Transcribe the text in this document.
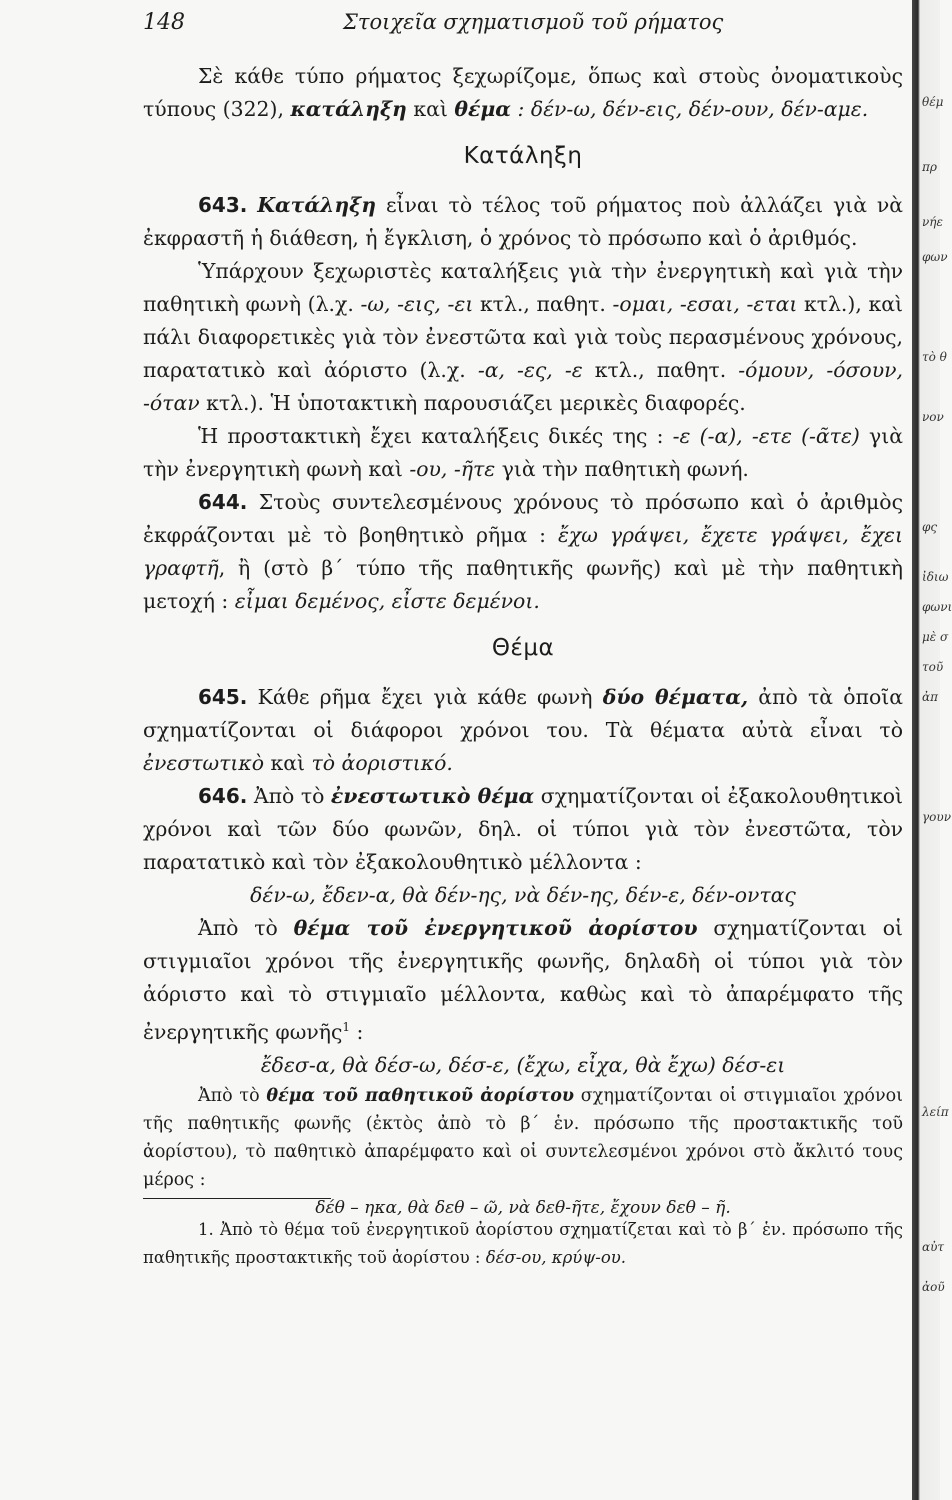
148	Στοιχεῖα σχηματισμοῦ τοῦ ρήματος

Σὲ κάθε τύπο ρήματος ξεχωρίζομε, ὅπως καὶ στοὺς ὀνοματικοὺς τύπους (322), κατάληξη καὶ θέμα : δέν-ω, δέν-εις, δέν-ουν, δέν-αμε.

Κατάληξη

643. Κατάληξη εἶναι τὸ τέλος τοῦ ρήματος ποὺ ἀλλάζει γιὰ νὰ ἐκφραστῆ ἡ διάθεση, ἡ ἔγκλιση, ὁ χρόνος τὸ πρόσωπο καὶ ὁ ἀριθμός.

Ὑπάρχουν ξεχωριστὲς καταλήξεις γιὰ τὴν ἐνεργητικὴ καὶ γιὰ τὴν παθητικὴ φωνὴ (λ.χ. -ω, -εις, -ει κτλ., παθητ. -ομαι, -εσαι, -εται κτλ.), καὶ πάλι διαφορετικὲς γιὰ τὸν ἐνεστῶτα καὶ γιὰ τοὺς περασμένους χρόνους, παρατατικὸ καὶ ἀόριστο (λ.χ. -α, -ες, -ε κτλ., παθητ. -όμουν, -όσουν, -όταν κτλ.). Ἡ ὑποτακτικὴ παρουσιάζει μερικὲς διαφορές.

Ἡ προστακτικὴ ἔχει καταλήξεις δικές της : -ε (-α), -ετε (-ᾶτε) γιὰ τὴν ἐνεργητικὴ φωνὴ καὶ -ου, -ῆτε γιὰ τὴν παθητικὴ φωνή.

644. Στοὺς συντελεσμένους χρόνους τὸ πρόσωπο καὶ ὁ ἀριθμὸς ἐκφράζονται μὲ τὸ βοηθητικὸ ρῆμα : ἔχω γράψει, ἔχετε γράψει, ἔχει γραφτῆ, ἢ (στὸ β΄ τύπο τῆς παθητικῆς φωνῆς) καὶ μὲ τὴν παθητικὴ μετοχή : εἶμαι δεμένος, εἶστε δεμένοι.

Θέμα

645. Κάθε ρῆμα ἔχει γιὰ κάθε φωνὴ δύο θέματα, ἀπὸ τὰ ὁποῖα σχηματίζονται οἱ διάφοροι χρόνοι του. Τὰ θέματα αὐτὰ εἶναι τὸ ἐνεστωτικὸ καὶ τὸ ἀοριστικό.

646. Ἀπὸ τὸ ἐνεστωτικὸ θέμα σχηματίζονται οἱ ἐξακολουθητικοὶ χρόνοι καὶ τῶν δύο φωνῶν, δηλ. οἱ τύποι γιὰ τὸν ἐνεστῶτα, τὸν παρατατικὸ καὶ τὸν ἐξακολουθητικὸ μέλλοντα :

δέν-ω, ἔδεν-α, θὰ δέν-ης, νὰ δέν-ης, δέν-ε, δέν-οντας

Ἀπὸ τὸ θέμα τοῦ ἐνεργητικοῦ ἀορίστου σχηματίζονται οἱ στιγμιαῖοι χρόνοι τῆς ἐνεργητικῆς φωνῆς, δηλαδὴ οἱ τύποι γιὰ τὸν ἀόριστο καὶ τὸ στιγμιαῖο μέλλοντα, καθὼς καὶ τὸ ἀπαρέμφατο τῆς ἐνεργητικῆς φωνῆς$^1$ :

ἔδεσ-α, θὰ δέσ-ω, δέσ-ε, (ἔχω, εἶχα, θὰ ἔχω) δέσ-ει

Ἀπὸ τὸ θέμα τοῦ παθητικοῦ ἀορίστου σχηματίζονται οἱ στιγμιαῖοι χρόνοι τῆς παθητικῆς φωνῆς (ἐκτὸς ἀπὸ τὸ β΄ ἑν. πρόσωπο τῆς προστακτικῆς τοῦ ἀορίστου), τὸ παθητικὸ ἀπαρέμφατο καὶ οἱ συντελεσμένοι χρόνοι στὸ ἄκλιτό τους μέρος :

δέθ – ηκα, θὰ δεθ – ῶ, νὰ δεθ-ῆτε, ἔχουν δεθ – ῆ.

1. Ἀπὸ τὸ θέμα τοῦ ἐνεργητικοῦ ἀορίστου σχηματίζεται καὶ τὸ β΄ ἑν. πρόσωπο τῆς παθητικῆς προστακτικῆς τοῦ ἀορίστου : δέσ-ου, κρύψ-ου.

θέμ
πρ
νήε
φων
τὸ θ
νον
φς
ἰδιω
φωνι
μὲ σ
τοῦ
ἀπ
γουν
λείπ
αὐτ
ἀοῦ
